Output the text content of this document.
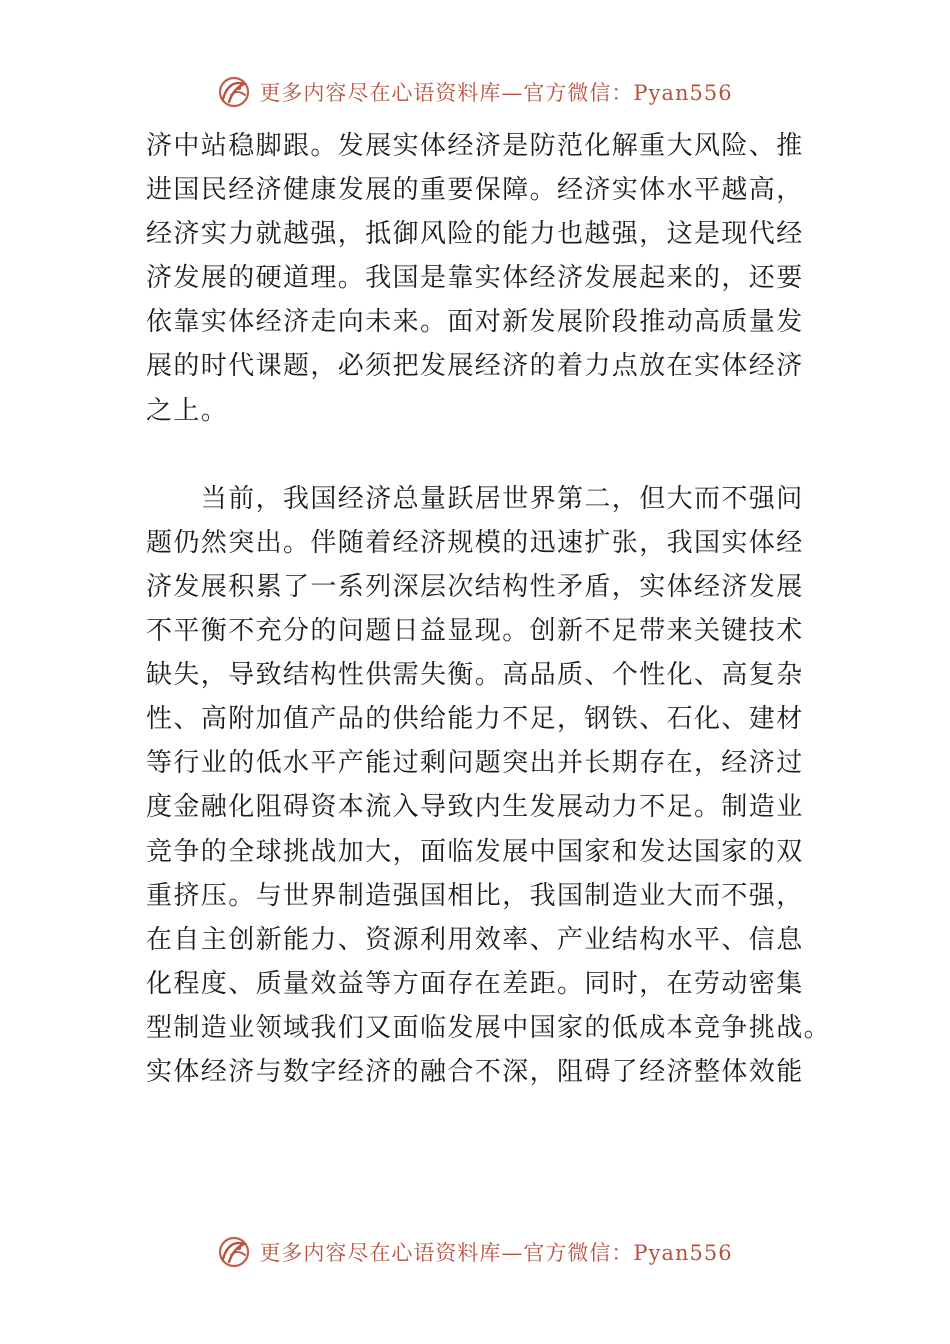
更多内容尽在心语资料库—官方微信：Pyan556
济中站稳脚跟。发展实体经济是防范化解重大风险、推
进国民经济健康发展的重要保障。经济实体水平越高，
经济实力就越强，抵御风险的能力也越强，这是现代经
济发展的硬道理。我国是靠实体经济发展起来的，还要
依靠实体经济走向未来。面对新发展阶段推动高质量发
展的时代课题，必须把发展经济的着力点放在实体经济
之上。
　　当前，我国经济总量跃居世界第二，但大而不强问
题仍然突出。伴随着经济规模的迅速扩张，我国实体经
济发展积累了一系列深层次结构性矛盾，实体经济发展
不平衡不充分的问题日益显现。创新不足带来关键技术
缺失，导致结构性供需失衡。高品质、个性化、高复杂
性、高附加值产品的供给能力不足，钢铁、石化、建材
等行业的低水平产能过剩问题突出并长期存在，经济过
度金融化阻碍资本流入导致内生发展动力不足。制造业
竞争的全球挑战加大，面临发展中国家和发达国家的双
重挤压。与世界制造强国相比，我国制造业大而不强，
在自主创新能力、资源利用效率、产业结构水平、信息
化程度、质量效益等方面存在差距。同时，在劳动密集
型制造业领域我们又面临发展中国家的低成本竞争挑战。
实体经济与数字经济的融合不深，阻碍了经济整体效能
更多内容尽在心语资料库—官方微信：Pyan556
